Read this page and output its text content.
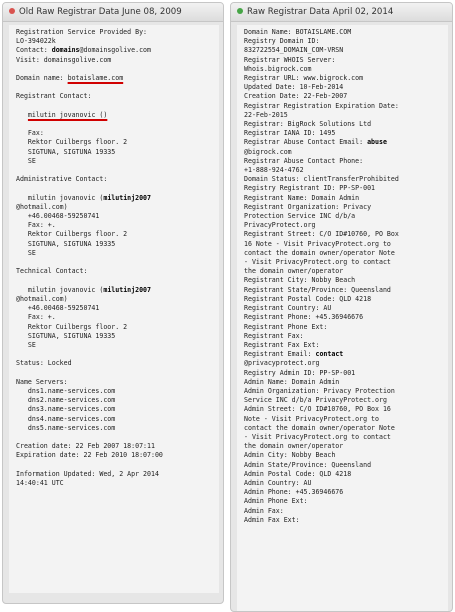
Old Raw Registrar Data June 08, 2009
Registration Service Provided By:
LO-394022k
Contact: domains@domainsgolive.com
Visit: domainsgolive.com

Domain name: botaislame.com

Registrant Contact:

milutin jovanovic ()

Fax:
Rektor Cuilbergs floor. 2
SIGTUNA, SIGTUNA 19335
SE

Administrative Contact:

milutin jovanovic (milutinj2007
@hotmail.com)
+46.00468-59250741
Fax: +.
Rektor Cuilbergs floor. 2
SIGTUNA, SIGTUNA 19335
SE

Technical Contact:

milutin jovanovic (milutinj2007
@hotmail.com)
+46.00468-59250741
Fax: +.
Rektor Cuilbergs floor. 2
SIGTUNA, SIGTUNA 19335
SE

Status: Locked

Name Servers:
dns1.name-services.com
dns2.name-services.com
dns3.name-services.com
dns4.name-services.com
dns5.name-services.com

Creation date: 22 Feb 2007 18:07:11
Expiration date: 22 Feb 2010 18:07:00

Information Updated: Wed, 2 Apr 2014
14:40:41 UTC
Raw Registrar Data April 02, 2014
Domain Name: BOTAISLAME.COM
Registry Domain ID:
832722554_DOMAIN_COM-VRSN
Registrar WHOIS Server:
Whois.bigrock.com
Registrar URL: www.bigrock.com
Updated Date: 10-Feb-2014
Creation Date: 22-Feb-2007
Registrar Registration Expiration Date:
22-Feb-2015
Registrar: BigRock Solutions Ltd
Registrar IANA ID: 1495
Registrar Abuse Contact Email: abuse
@bigrock.com
Registrar Abuse Contact Phone:
+1-888-924-4762
Domain Status: clientTransferProhibited
Registry Registrant ID: PP-SP-001
Registrant Name: Domain Admin
Registrant Organization: Privacy
Protection Service INC d/b/a
PrivacyProtect.org
Registrant Street: C/O ID#10760, PO Box
16 Note - Visit PrivacyProtect.org to
contact the domain owner/operator Note
- Visit PrivacyProtect.org to contact
the domain owner/operator
Registrant City: Nobby Beach
Registrant State/Province: Queensland
Registrant Postal Code: QLD 4218
Registrant Country: AU
Registrant Phone: +45.36946676
Registrant Phone Ext:
Registrant Fax:
Registrant Fax Ext:
Registrant Email: contact
@privacyprotect.org
Registry Admin ID: PP-SP-001
Admin Name: Domain Admin
Admin Organization: Privacy Protection
Service INC d/b/a PrivacyProtect.org
Admin Street: C/O ID#10760, PO Box 16
Note - Visit PrivacyProtect.org to
contact the domain owner/operator Note
- Visit PrivacyProtect.org to contact
the domain owner/operator
Admin City: Nobby Beach
Admin State/Province: Queensland
Admin Postal Code: QLD 4218
Admin Country: AU
Admin Phone: +45.36946676
Admin Phone Ext:
Admin Fax:
Admin Fax Ext:
